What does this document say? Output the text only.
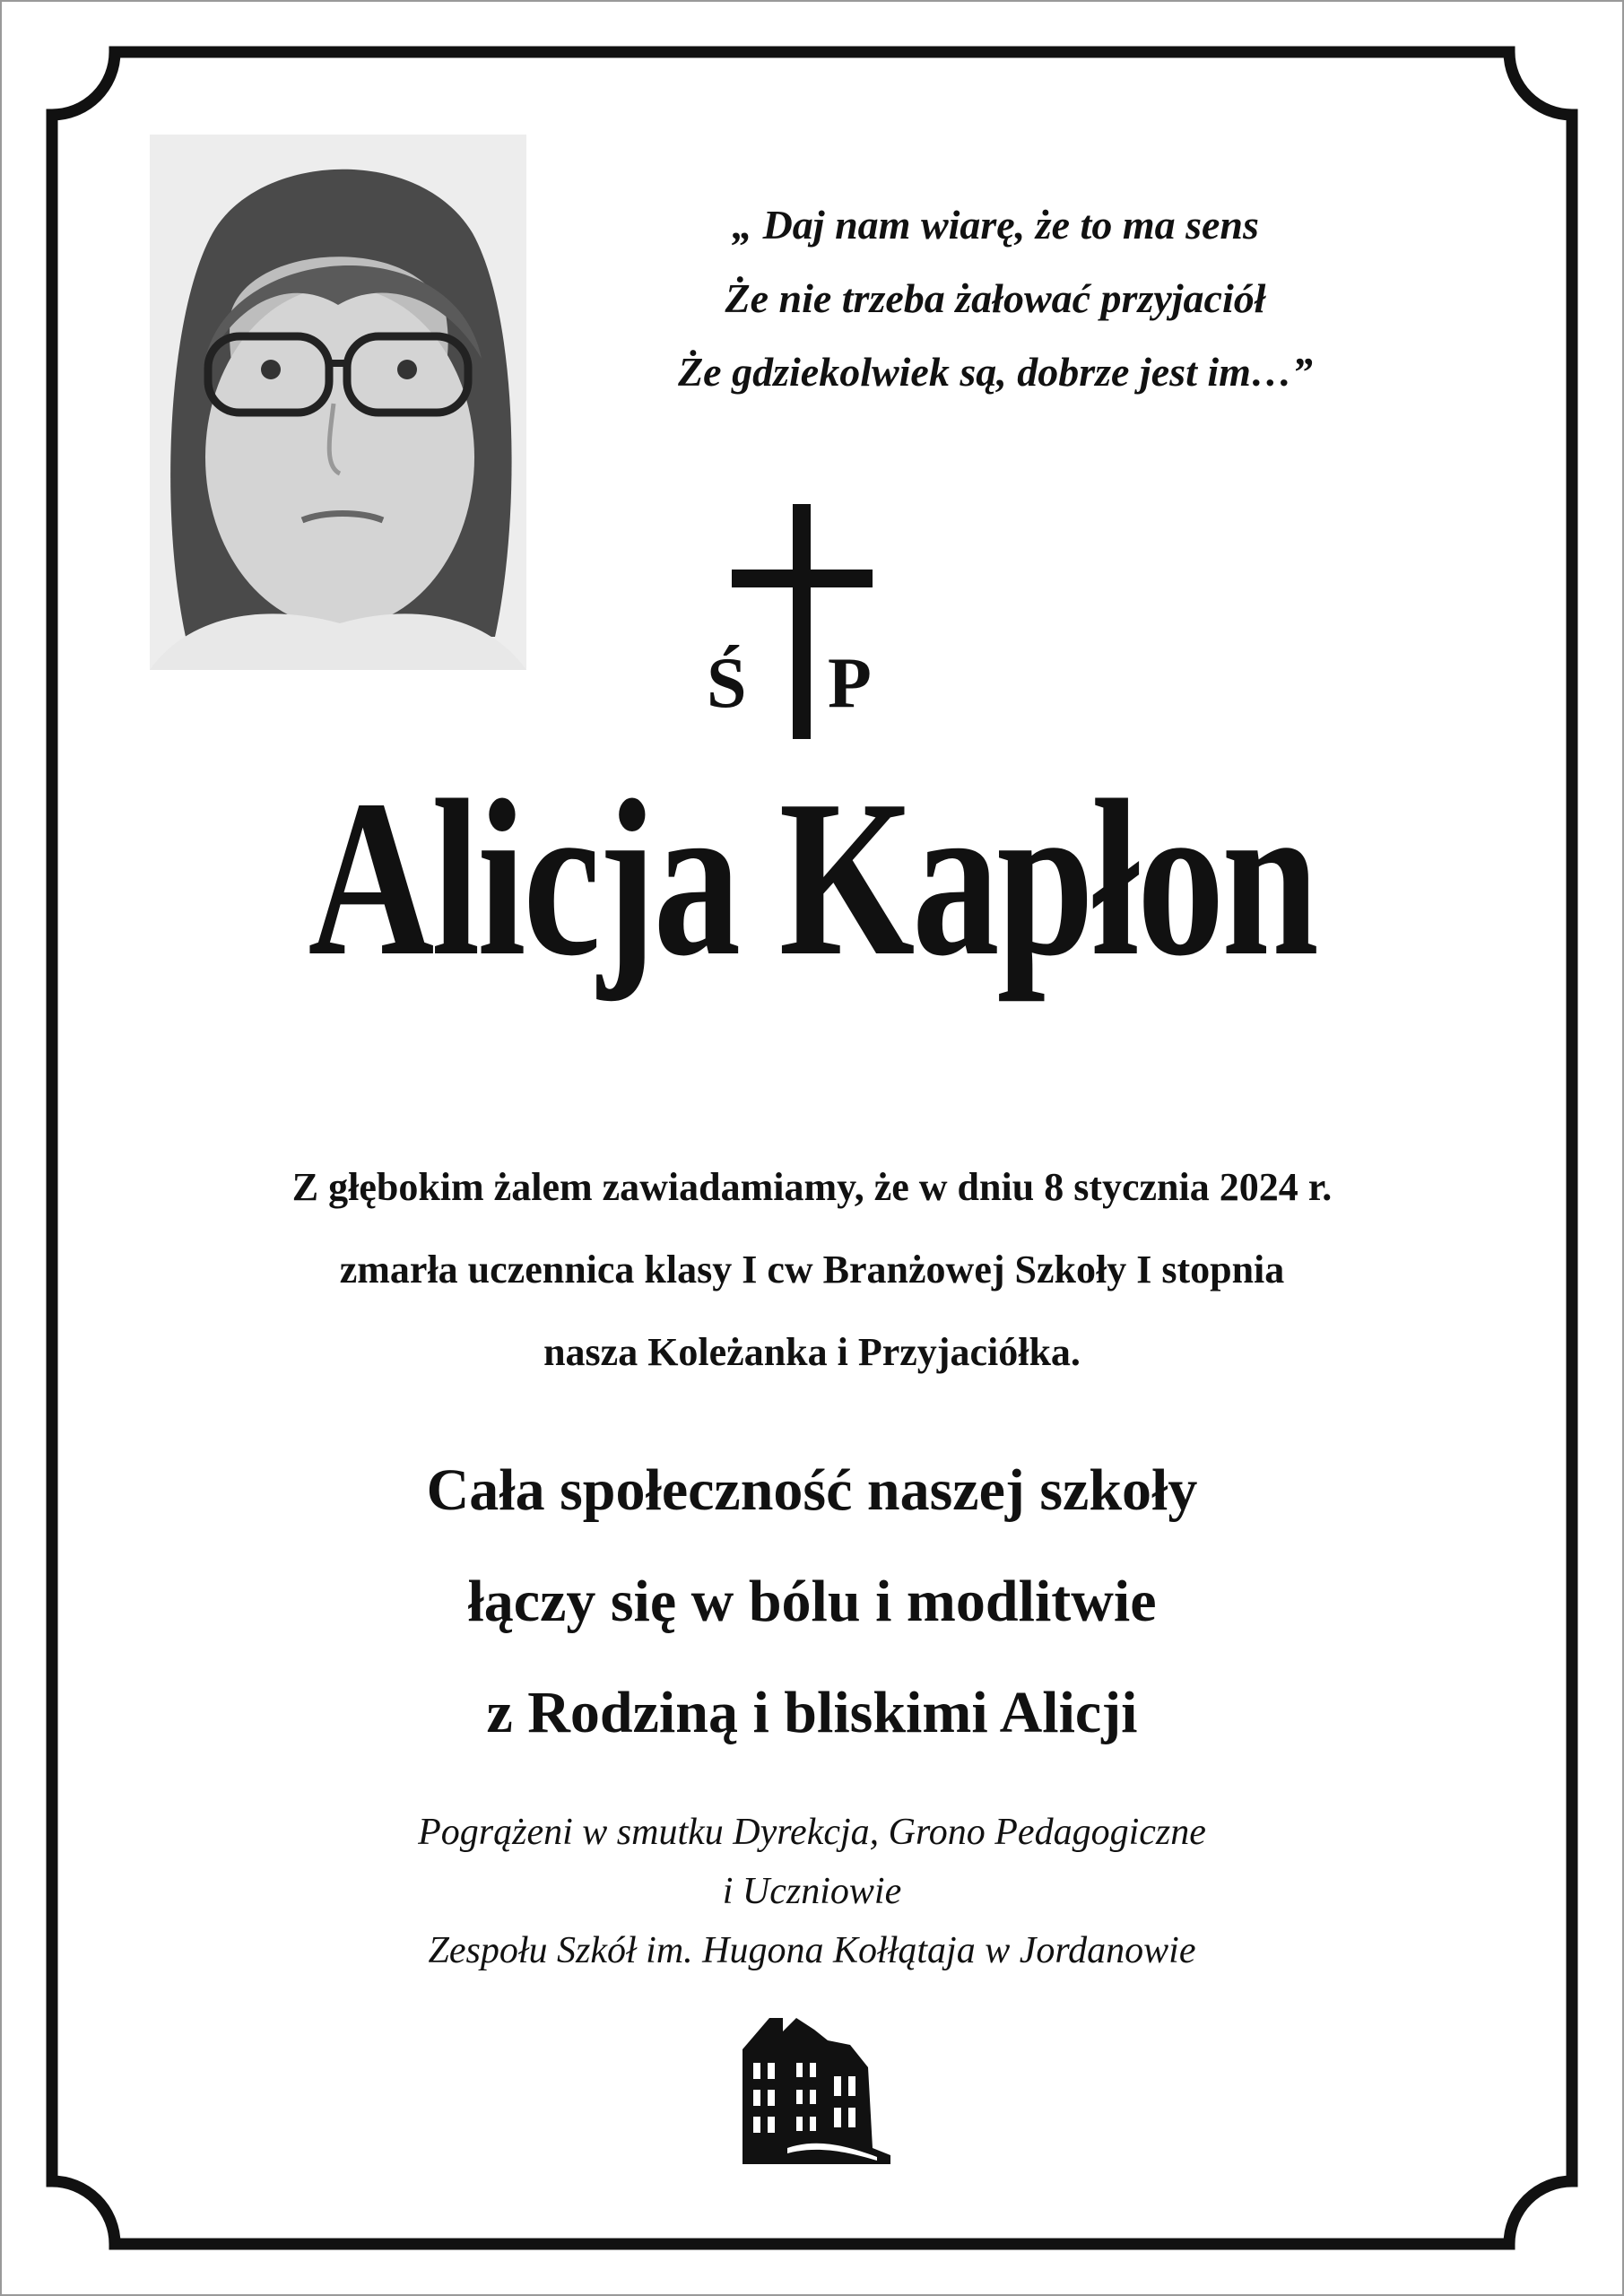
„ Daj nam wiarę, że to ma sens
Że nie trzeba żałować przyjaciół
Że gdziekolwiek są, dobrze jest im…”
Ś P
Alicja Kapłon
Z głębokim żalem zawiadamiamy, że w dniu 8 stycznia 2024 r.
zmarła uczennica klasy I cw Branżowej Szkoły I stopnia
nasza Koleżanka i Przyjaciółka.
Cała społeczność naszej szkoły
łączy się w bólu i modlitwie
z Rodziną i bliskimi Alicji
Pogrążeni w smutku Dyrekcja, Grono Pedagogiczne
i Uczniowie
Zespołu Szkół im. Hugona Kołłątaja w Jordanowie
